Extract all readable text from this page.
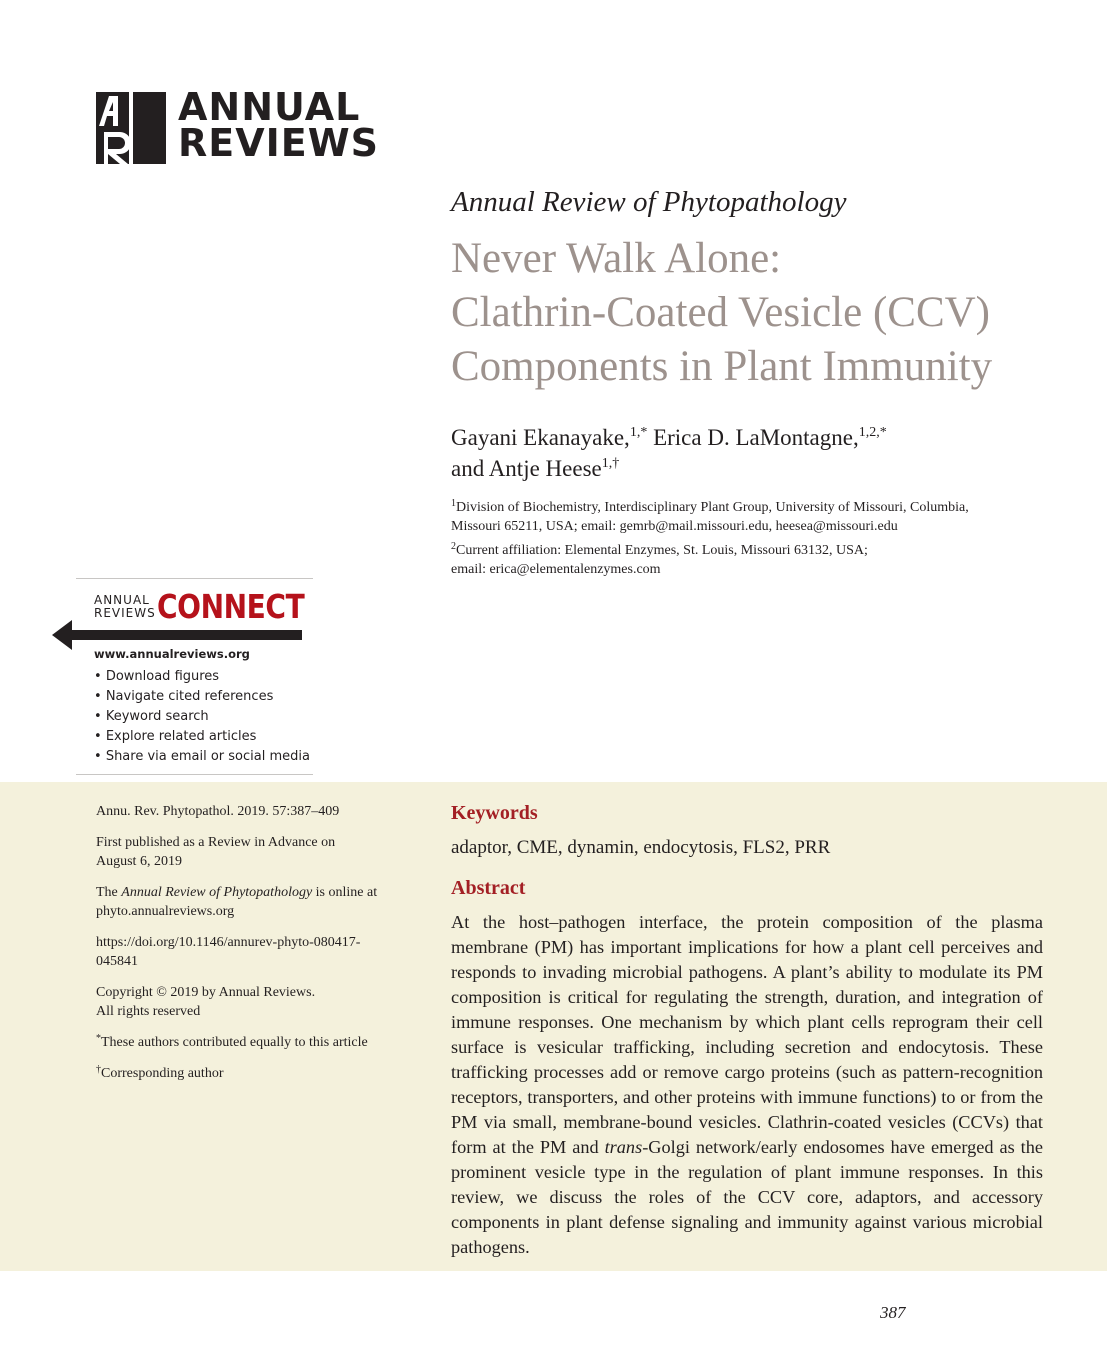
ANNUAL
REVIEWS
Annual Review of Phytopathology
Never Walk Alone:
Clathrin-Coated Vesicle (CCV)
Components in Plant Immunity
Gayani Ekanayake,$^{1,*}$ Erica D. LaMontagne,$^{1,2,*}$
and Antje Heese$^{1,\dagger}$
$^1$Division of Biochemistry, Interdisciplinary Plant Group, University of Missouri, Columbia,
Missouri 65211, USA; email: gemrb@mail.missouri.edu, heesea@missouri.edu
$^2$Current affiliation: Elemental Enzymes, St. Louis, Missouri 63132, USA;
email: erica@elementalenzymes.com
ANNUAL
REVIEWS CONNECT
www.annualreviews.org
• Download figures
• Navigate cited references
• Keyword search
• Explore related articles
• Share via email or social media

Annu. Rev. Phytopathol. 2019. 57:387–409

First published as a Review in Advance on
August 6, 2019

The Annual Review of Phytopathology is online at
phyto.annualreviews.org

https://doi.org/10.1146/annurev-phyto-080417-
045841

Copyright © 2019 by Annual Reviews.
All rights reserved

*These authors contributed equally to this article

†Corresponding author

Keywords
adaptor, CME, dynamin, endocytosis, FLS2, PRR
Abstract

At the host–pathogen interface, the protein composition of the plasma membrane (PM) has important implications for how a plant cell perceives and responds to invading microbial pathogens. A plant’s ability to modulate its PM composition is critical for regulating the strength, duration, and integration of immune responses. One mechanism by which plant cells reprogram their cell surface is vesicular trafficking, including secretion and endocytosis. These trafficking processes add or remove cargo proteins (such as pattern-recognition receptors, transporters, and other proteins with immune functions) to or from the PM via small, membrane-bound vesicles. Clathrin-coated vesicles (CCVs) that form at the PM and trans-Golgi network/early endosomes have emerged as the prominent vesicle type in the regulation of plant immune responses. In this review, we discuss the roles of the CCV core, adaptors, and accessory components in plant defense signaling and immunity against various microbial pathogens.

387
